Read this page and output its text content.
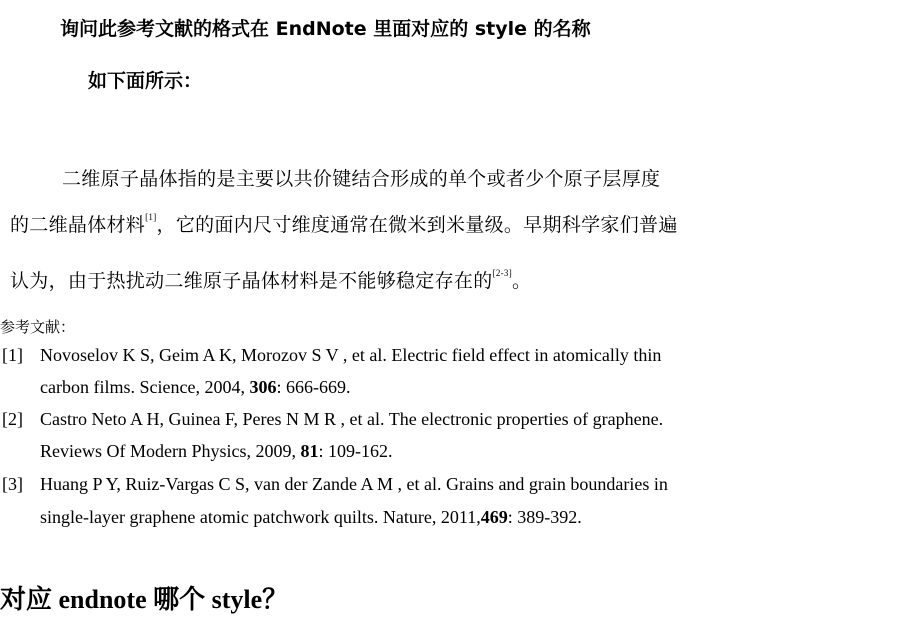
询问此参考文献的格式在 EndNote 里面对应的 style 的名称
如下面所示：
二维原子晶体指的是主要以共价键结合形成的单个或者少个原子层厚度
的二维晶体材料[1]，它的面内尺寸维度通常在微米到米量级。早期科学家们普遍
认为，由于热扰动二维原子晶体材料是不能够稳定存在的[2-3]。
参考文献：
[1] Novoselov K S, Geim A K, Morozov S V , et al. Electric field effect in atomically thin
carbon films. Science, 2004, 306: 666-669.
[2] Castro Neto A H, Guinea F, Peres N M R , et al. The electronic properties of graphene.
Reviews Of Modern Physics, 2009, 81: 109-162.
[3] Huang P Y, Ruiz-Vargas C S, van der Zande A M , et al. Grains and grain boundaries in
single-layer graphene atomic patchwork quilts. Nature, 2011,469: 389-392.
对应 endnote 哪个 style？
